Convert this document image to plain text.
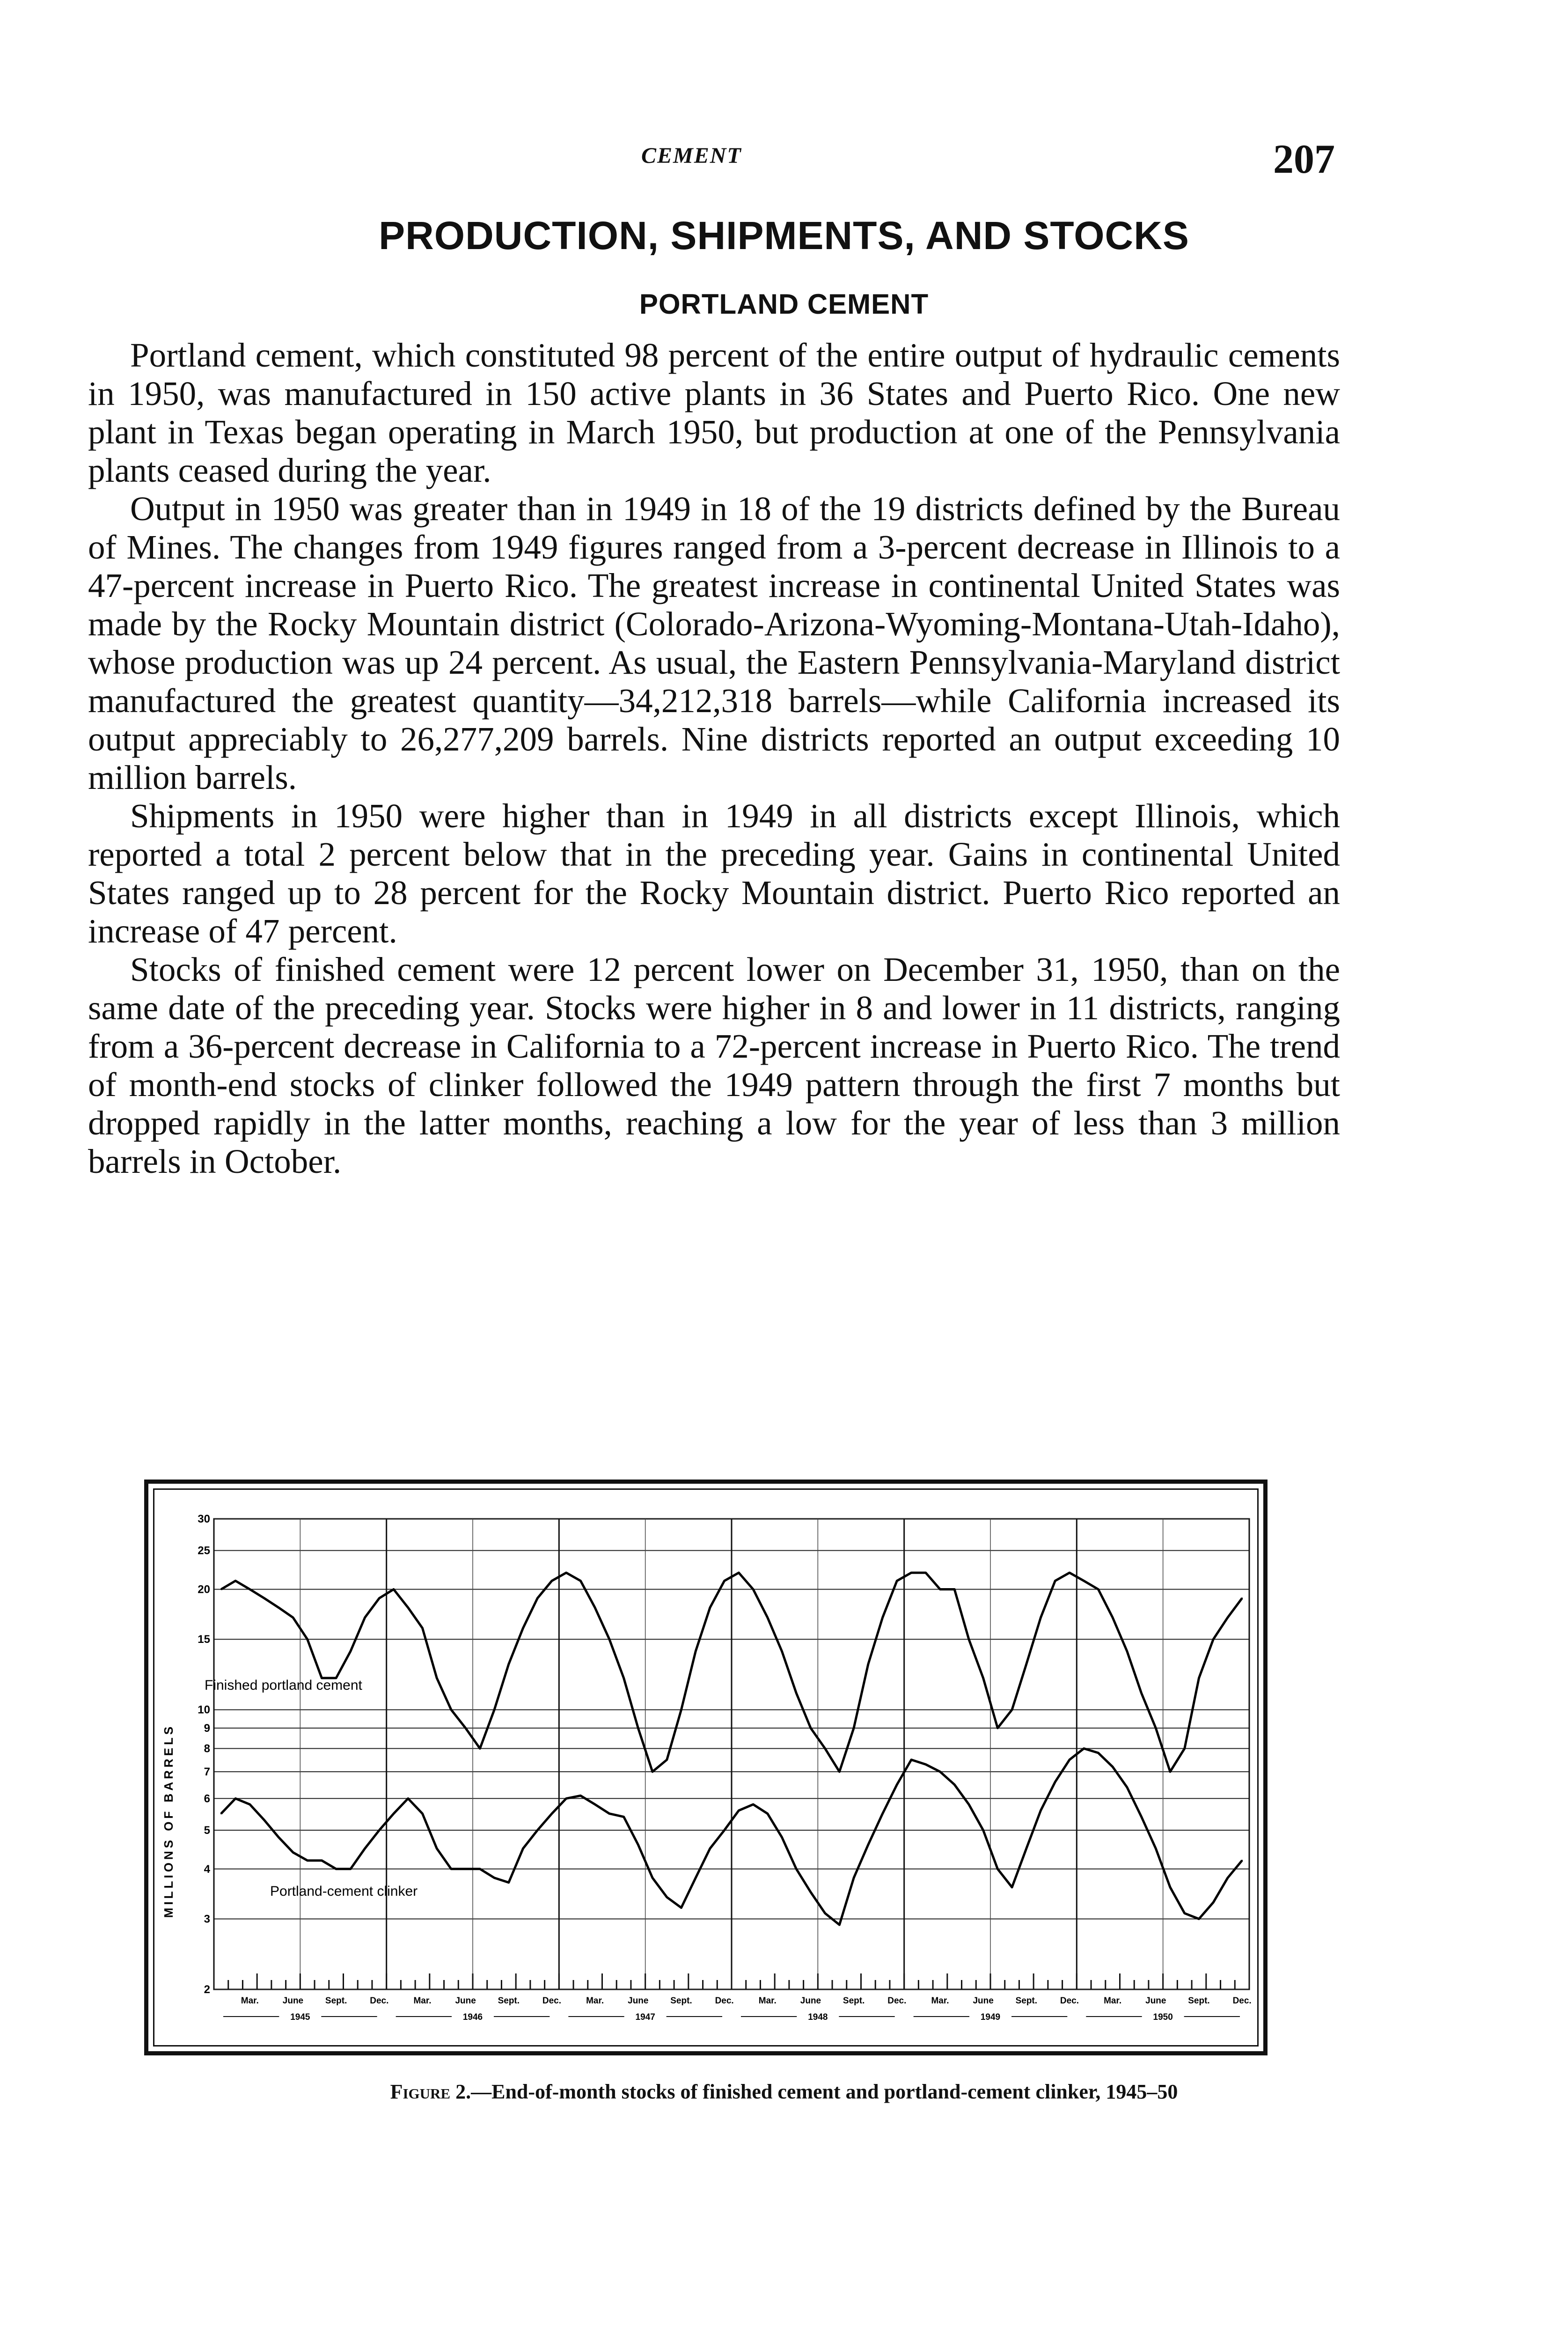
CEMENT	207
PRODUCTION, SHIPMENTS, AND STOCKS
PORTLAND CEMENT

Portland cement, which constituted 98 percent of the entire output of hydraulic cements in 1950, was manufactured in 150 active plants in 36 States and Puerto Rico. One new plant in Texas began operating in March 1950, but production at one of the Pennsylvania plants ceased during the year.

Output in 1950 was greater than in 1949 in 18 of the 19 districts defined by the Bureau of Mines. The changes from 1949 figures ranged from a 3-percent decrease in Illinois to a 47-percent increase in Puerto Rico. The greatest increase in continental United States was made by the Rocky Mountain district (Colorado-Arizona-Wyoming-Montana-Utah-Idaho), whose production was up 24 percent. As usual, the Eastern Pennsylvania-Maryland district manufactured the greatest quantity—34,212,318 barrels—while California increased its output appreciably to 26,277,209 barrels. Nine districts reported an output exceeding 10 million barrels.

Shipments in 1950 were higher than in 1949 in all districts except Illinois, which reported a total 2 percent below that in the preceding year. Gains in continental United States ranged up to 28 percent for the Rocky Mountain district. Puerto Rico reported an increase of 47 percent.

Stocks of finished cement were 12 percent lower on December 31, 1950, than on the same date of the preceding year. Stocks were higher in 8 and lower in 11 districts, ranging from a 36-percent decrease in California to a 72-percent increase in Puerto Rico. The trend of month-end stocks of clinker followed the 1949 pattern through the first 7 months but dropped rapidly in the latter months, reaching a low for the year of less than 3 million barrels in October.

2
3
4
5
6
7
8
9
10
15
20
25
30
Mar.	June Sept.	Dec.
1945
Mar.	June Sept.	Dec.
1946
Mar.	June Sept.	Dec.
1947
Mar.	June Sept.	Dec.
1948
Mar.	June Sept.	Dec.
1949
Mar.	June Sept.	Dec.
1950
MILLIONS OF BARRELS
Finished portland cement
Portland-cement clinker
Figure 2.—End-of-month stocks of finished cement and portland-cement clinker, 1945–50
